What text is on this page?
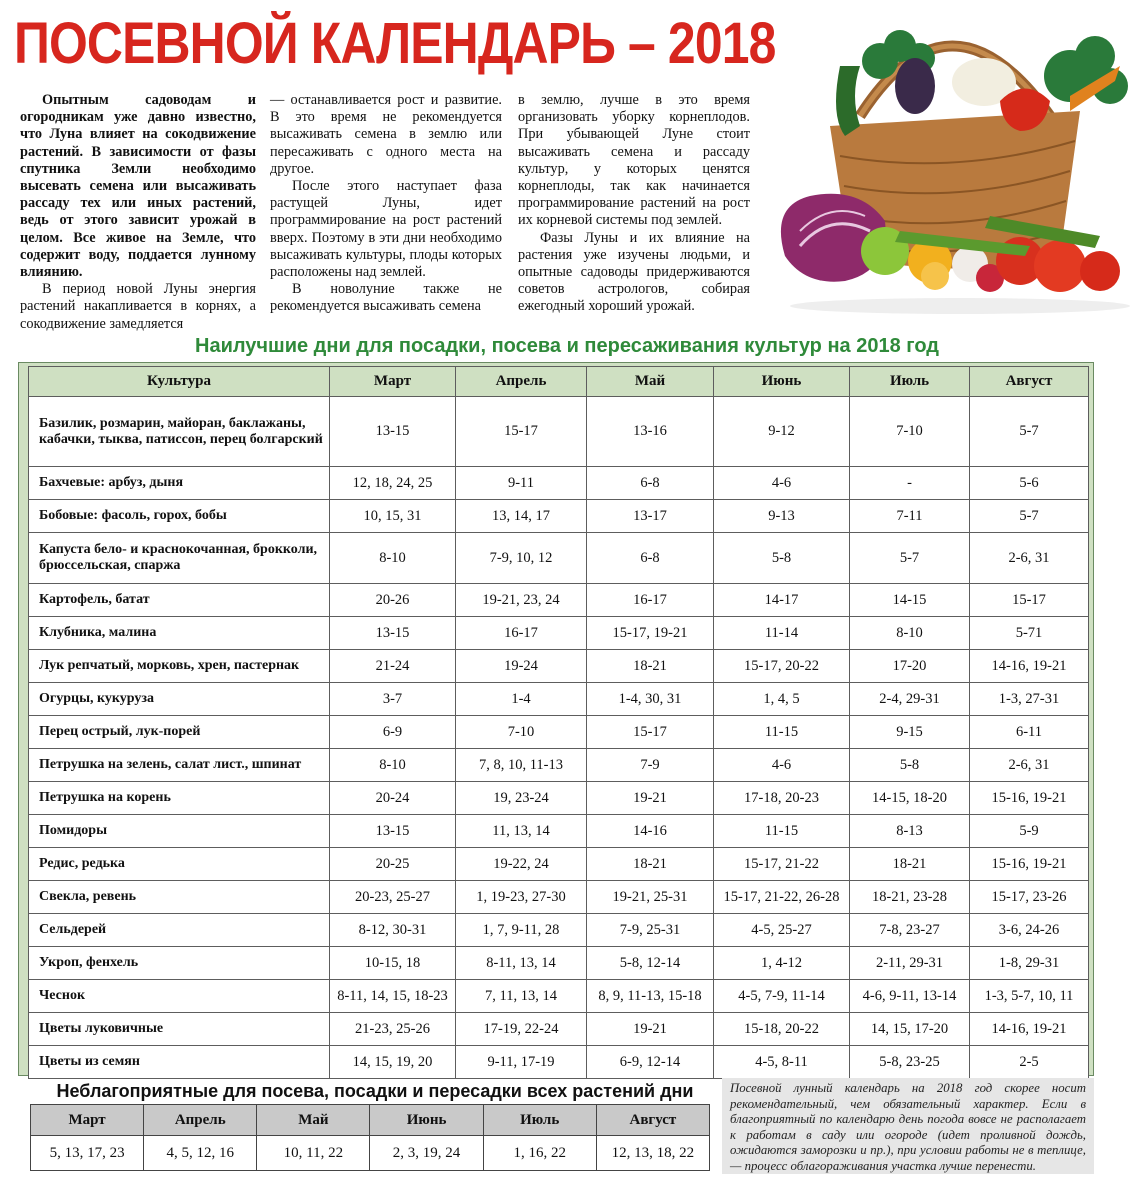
ПОСЕВНОЙ КАЛЕНДАРЬ – 2018

Опытным садоводам и огородникам уже давно известно, что Луна влияет на сокодвижение растений. В зависимости от фазы спутника Земли необходимо высевать семена или высаживать рассаду тех или иных растений, ведь от этого зависит урожай в целом. Все живое на Земле, что содержит воду, поддается лунному влиянию.

В период новой Луны энергия растений накапливается в корнях, а сокодвижение замедляется

— останавливается рост и развитие. В это время не рекомендуется высаживать семена в землю или пересаживать с одного места на другое.

После этого наступает фаза растущей Луны, идет программирование на рост растений вверх. Поэтому в эти дни необходимо высаживать культуры, плоды которых расположены над землей.

В новолуние также не рекомендуется высаживать семена

в землю, лучше в это время организовать уборку корнеплодов. При убывающей Луне стоит высаживать семена и рассаду культур, у которых ценятся корнеплоды, так как начинается программирование растений на рост их корневой системы под землей.

Фазы Луны и их влияние на растения уже изучены людьми, и опытные садоводы придерживаются советов астрологов, собирая ежегодный хороший урожай.

Наилучшие дни для посадки, посева и пересаживания культур на 2018 год
Культура	Март	Апрель	Май	Июнь	Июль	Август
Базилик, розмарин, майоран, баклажаны, кабачки, тыква, патиссон, перец болгарский	13-15	15-17	13-16	9-12	7-10	5-7
Бахчевые: арбуз, дыня	12, 18, 24, 25	9-11	6-8	4-6	-	5-6
Бобовые: фасоль, горох, бобы	10, 15, 31	13, 14, 17	13-17	9-13	7-11	5-7
Капуста бело- и краснокочанная, брокколи, брюссельская, спаржа	8-10	7-9, 10, 12	6-8	5-8	5-7	2-6, 31
Картофель, батат	20-26	19-21, 23, 24	16-17	14-17	14-15	15-17
Клубника, малина	13-15	16-17	15-17, 19-21	11-14	8-10	5-71
Лук репчатый, морковь, хрен, пастернак	21-24	19-24	18-21	15-17, 20-22	17-20	14-16, 19-21
Огурцы, кукуруза	3-7	1-4	1-4, 30, 31	1, 4, 5	2-4, 29-31	1-3, 27-31
Перец острый, лук-порей	6-9	7-10	15-17	11-15	9-15	6-11
Петрушка на зелень, салат лист., шпинат	8-10	7, 8, 10, 11-13	7-9	4-6	5-8	2-6, 31
Петрушка на корень	20-24	19, 23-24	19-21	17-18, 20-23	14-15, 18-20	15-16, 19-21
Помидоры	13-15	11, 13, 14	14-16	11-15	8-13	5-9
Редис, редька	20-25	19-22, 24	18-21	15-17, 21-22	18-21	15-16, 19-21
Свекла, ревень	20-23, 25-27	1, 19-23, 27-30	19-21, 25-31	15-17, 21-22, 26-28	18-21, 23-28	15-17, 23-26
Сельдерей	8-12, 30-31	1, 7, 9-11, 28	7-9, 25-31	4-5, 25-27	7-8, 23-27	3-6, 24-26
Укроп, фенхель	10-15, 18	8-11, 13, 14	5-8, 12-14	1, 4-12	2-11, 29-31	1-8, 29-31
Чеснок	8-11, 14, 15, 18-23	7, 11, 13, 14	8, 9, 11-13, 15-18	4-5, 7-9, 11-14	4-6, 9-11, 13-14	1-3, 5-7, 10, 11
Цветы луковичные	21-23, 25-26	17-19, 22-24	19-21	15-18, 20-22	14, 15, 17-20	14-16, 19-21
Цветы из семян	14, 15, 19, 20	9-11, 17-19	6-9, 12-14	4-5, 8-11	5-8, 23-25	2-5
Неблагоприятные для посева, посадки и пересадки всех растений дни
Март	Апрель	Май	Июнь	Июль	Август
5, 13, 17, 23	4, 5, 12, 16	10, 11, 22	2, 3, 19, 24	1, 16, 22	12, 13, 18, 22
Посевной лунный календарь на 2018 год скорее носит рекомендательный, чем обязательный характер. Если в благоприятный по календарю день погода вовсе не располагает к работам в саду или огороде (идет проливной дождь, ожидаются заморозки и пр.), при условии работы не в теплице, — процесс облагораживания участка лучше перенести.
